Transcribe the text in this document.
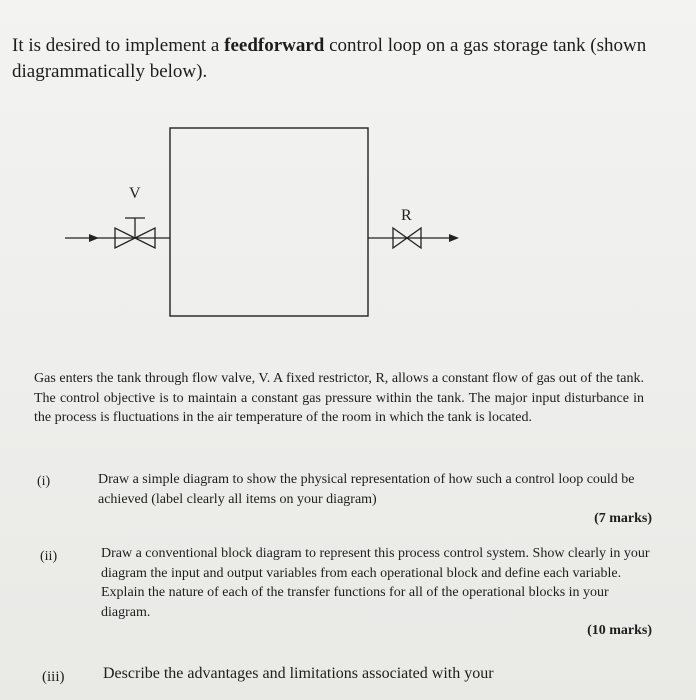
It is desired to implement a feedforward control loop on a gas storage tank (shown diagrammatically below).
V
R
Gas enters the tank through flow valve, V. A fixed restrictor, R, allows a constant flow of gas out of the tank. The control objective is to maintain a constant gas pressure within the tank. The major input disturbance in the process is fluctuations in the air temperature of the room in which the tank is located.
(i)	Draw a simple diagram to show the physical representation of how such a control loop could be achieved (label clearly all items on your diagram)
(7 marks)
(ii)	Draw a conventional block diagram to represent this process control system. Show clearly in your diagram the input and output variables from each operational block and define each variable. Explain the nature of each of the transfer functions for all of the operational blocks in your diagram.
(10 marks)
(iii) Describe the advantages and limitations associated with your
